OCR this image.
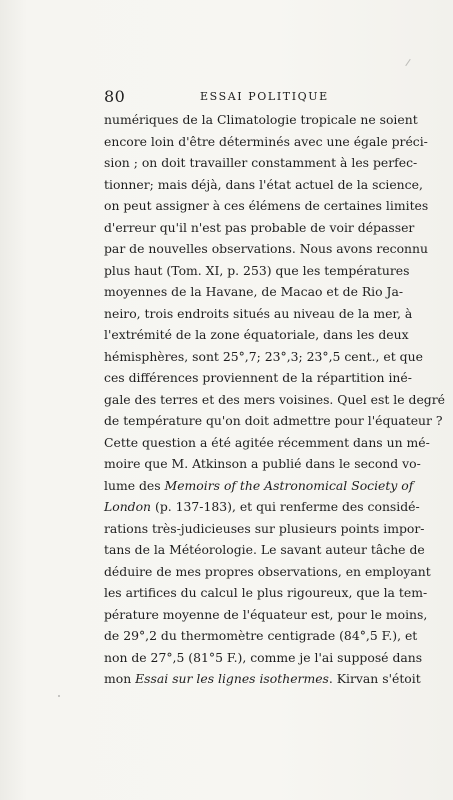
80	ESSAI POLITIQUE
numériques de la Climatologie tropicale ne soient
encore loin d'être déterminés avec une égale préci-
sion ; on doit travailler constamment à les perfec-
tionner; mais déjà, dans l'état actuel de la science,
on peut assigner à ces élémens de certaines limites
d'erreur qu'il n'est pas probable de voir dépasser
par de nouvelles observations. Nous avons reconnu
plus haut (Tom. XI, p. 253) que les températures
moyennes de la Havane, de Macao et de Rio Ja-
neiro, trois endroits situés au niveau de la mer, à
l'extrémité de la zone équatoriale, dans les deux
hémisphères, sont 25°,7; 23°,3; 23°,5 cent., et que
ces différences proviennent de la répartition iné-
gale des terres et des mers voisines. Quel est le degré
de température qu'on doit admettre pour l'équateur ?
Cette question a été agitée récemment dans un mé-
moire que M. Atkinson a publié dans le second vo-
lume des Memoirs of the Astronomical Society of
London (p. 137-183), et qui renferme des considé-
rations très-judicieuses sur plusieurs points impor-
tans de la Météorologie. Le savant auteur tâche de
déduire de mes propres observations, en employant
les artifices du calcul le plus rigoureux, que la tem-
pérature moyenne de l'équateur est, pour le moins,
de 29°,2 du thermomètre centigrade (84°,5 F.), et
non de 27°,5 (81°5 F.), comme je l'ai supposé dans
mon Essai sur les lignes isothermes. Kirvan s'étoit
